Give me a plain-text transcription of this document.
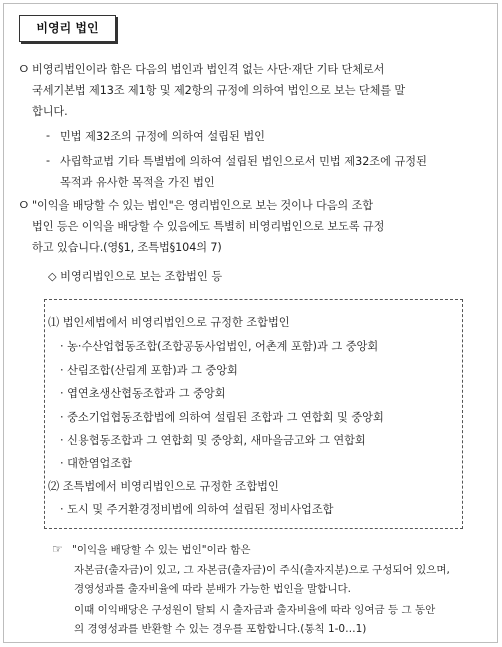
비영리 법인
ㅇ 비영리법인이라 함은 다음의 법인과 법인격 없는 사단·재단 기타 단체로서
국세기본법 제13조 제1항 및 제2항의 규정에 의하여 법인으로 보는 단체를 말
합니다.
- 민법 제32조의 규정에 의하여 설립된 법인
- 사립학교법 기타 특별법에 의하여 설립된 법인으로서 민법 제32조에 규정된
목적과 유사한 목적을 가진 법인
ㅇ "이익을 배당할 수 있는 법인"은 영리법인으로 보는 것이나 다음의 조합
법인 등은 이익을 배당할 수 있음에도 특별히 비영리법인으로 보도록 규정
하고 있습니다.(영§1, 조특법§104의 7)
◇ 비영리법인으로 보는 조합법인 등
⑴ 법인세법에서 비영리법인으로 규정한 조합법인
· 농·수산업협동조합(조합공동사업법인, 어촌계 포함)과 그 중앙회
· 산림조합(산림계 포함)과 그 중앙회
· 엽연초생산협동조합과 그 중앙회
· 중소기업협동조합법에 의하여 설립된 조합과 그 연합회 및 중앙회
· 신용협동조합과 그 연합회 및 중앙회, 새마을금고와 그 연합회
· 대한염업조합
⑵ 조특법에서 비영리법인으로 규정한 조합법인
· 도시 및 주거환경정비법에 의하여 설립된 정비사업조합
☞ "이익을 배당할 수 있는 법인"이라 함은
자본금(출자금)이 있고, 그 자본금(출자금)이 주식(출자지분)으로 구성되어 있으며,
경영성과를 출자비율에 따라 분배가 가능한 법인을 말합니다.
이때 이익배당은 구성원이 탈퇴 시 출자금과 출자비율에 따라 잉여금 등 그 동안
의 경영성과를 반환할 수 있는 경우를 포함합니다.(통칙 1-0…1)
